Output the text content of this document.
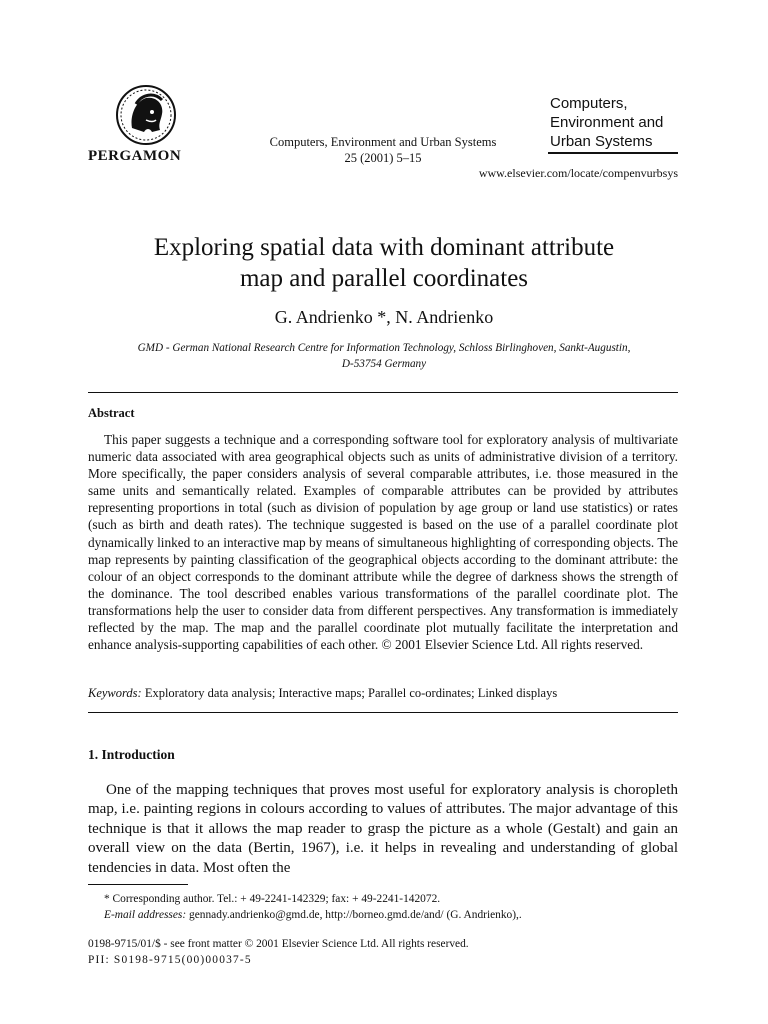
PERGAMON
Computers, Environment and Urban Systems
25 (2001) 5–15
Computers,
Environment and
Urban Systems
www.elsevier.com/locate/compenvurbsys
Exploring spatial data with dominant attribute
map and parallel coordinates
G. Andrienko *, N. Andrienko
GMD - German National Research Centre for Information Technology, Schloss Birlinghoven, Sankt-Augustin,
D-53754 Germany
Abstract
This paper suggests a technique and a corresponding software tool for exploratory analysis of multivariate numeric data associated with area geographical objects such as units of administrative division of a territory. More specifically, the paper considers analysis of several comparable attributes, i.e. those measured in the same units and semantically related. Examples of comparable attributes can be provided by attributes representing proportions in total (such as division of population by age group or land use statistics) or rates (such as birth and death rates). The technique suggested is based on the use of a parallel coordinate plot dynamically linked to an interactive map by means of simultaneous highlighting of corresponding objects. The map represents by painting classification of the geographical objects according to the dominant attribute: the colour of an object corresponds to the dominant attribute while the degree of darkness shows the strength of the dominance. The tool described enables various transformations of the parallel coordinate plot. The transformations help the user to consider data from different perspectives. Any transformation is immediately reflected by the map. The map and the parallel coordinate plot mutually facilitate the interpretation and enhance analysis-supporting capabilities of each other. © 2001 Elsevier Science Ltd. All rights reserved.
Keywords: Exploratory data analysis; Interactive maps; Parallel co-ordinates; Linked displays
1. Introduction
One of the mapping techniques that proves most useful for exploratory analysis is choropleth map, i.e. painting regions in colours according to values of attributes. The major advantage of this technique is that it allows the map reader to grasp the picture as a whole (Gestalt) and gain an overall view on the data (Bertin, 1967), i.e. it helps in revealing and understanding of global tendencies in data. Most often the
* Corresponding author. Tel.: + 49-2241-142329; fax: + 49-2241-142072.
E-mail addresses: gennady.andrienko@gmd.de, http://borneo.gmd.de/and/ (G. Andrienko),.
0198-9715/01/$ - see front matter © 2001 Elsevier Science Ltd. All rights reserved.
PII: S0198-9715(00)00037-5
